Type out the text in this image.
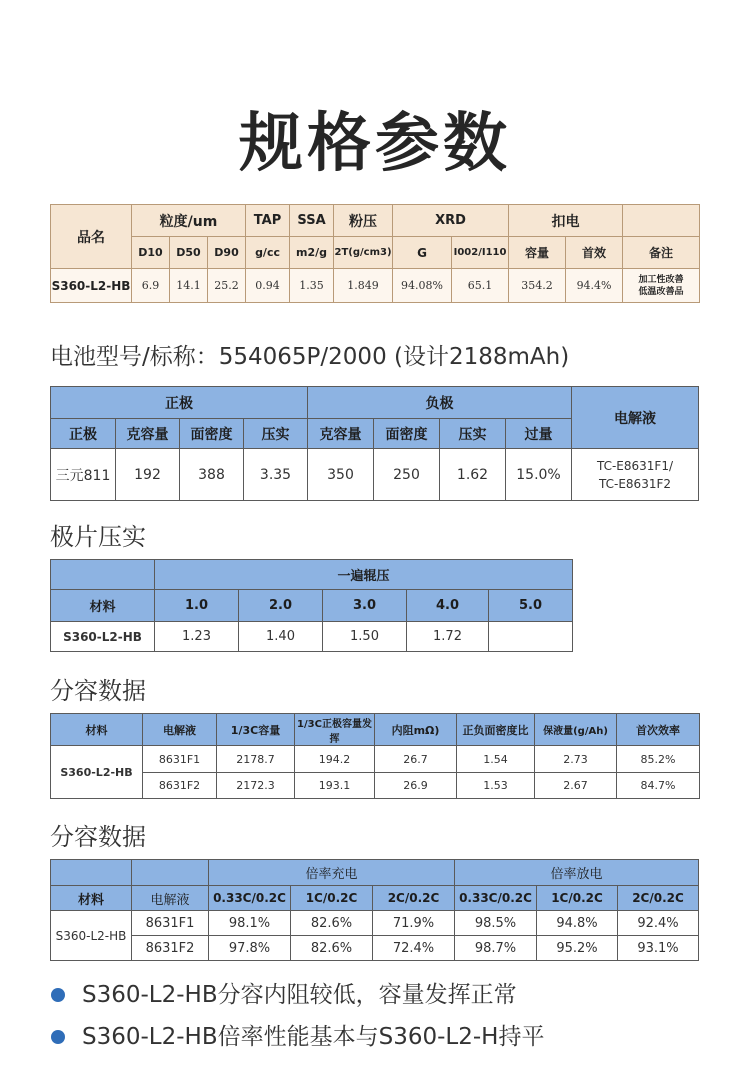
规格参数
品名	粒度/um			TAP	SSA	粉压	XRD		扣电		
	D10	D50	D90	g/cc	m2/g	2T(g/cm3)	G	I002/I110	容量	首效	备注
S360-L2-HB	6.9	14.1	25.2	0.94	1.35	1.849	94.08%	65.1	354.2	94.4%	加工性改善
低温改善品
电池型号/标称：554065P/2000 (设计2188mAh)
正极				负极				电解液
正极	克容量	面密度	压实	克容量	面密度	压实	过量	
三元811	192	388	3.35	350	250	1.62	15.0%	TC-E8631F1/
TC-E8631F2
极片压实
	一遍辊压				
材料	1.0	2.0	3.0	4.0	5.0
S360-L2-HB	1.23	1.40	1.50	1.72	
分容数据
材料	电解液	1/3C容量	1/3C正极容量发挥	内阻mΩ)	正负面密度比	保液量(g/Ah)	首次效率
S360-L2-HB	8631F1	2178.7	194.2	26.7	1.54	2.73	85.2%
	8631F2	2172.3	193.1	26.9	1.53	2.67	84.7%
分容数据
		倍率充电			倍率放电		
材料	电解液	0.33C/0.2C	1C/0.2C	2C/0.2C	0.33C/0.2C	1C/0.2C	2C/0.2C
S360-L2-HB	8631F1	98.1%	82.6%	71.9%	98.5%	94.8%	92.4%
	8631F2	97.8%	82.6%	72.4%	98.7%	95.2%	93.1%
S360-L2-HB分容内阻较低，容量发挥正常
S360-L2-HB倍率性能基本与S360-L2-H持平
